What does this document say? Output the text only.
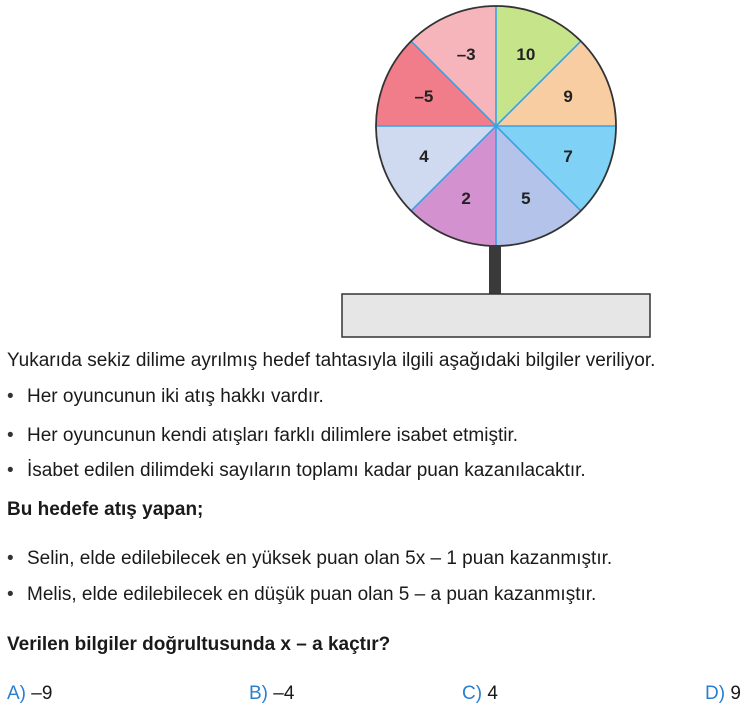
10
9
7
5
2
4
–5
–3
Yukarıda sekiz dilime ayrılmış hedef tahtasıyla ilgili aşağıdaki bilgiler veriliyor.
• Her oyuncunun iki atış hakkı vardır.
• Her oyuncunun kendi atışları farklı dilimlere isabet etmiştir.
• İsabet edilen dilimdeki sayıların toplamı kadar puan kazanılacaktır.
Bu hedefe atış yapan;
• Selin, elde edilebilecek en yüksek puan olan 5x – 1 puan kazanmıştır.
• Melis, elde edilebilecek en düşük puan olan 5 – a puan kazanmıştır.
Verilen bilgiler doğrultusunda x – a kaçtır?
A) –9	B) –4	C) 4	D) 9
